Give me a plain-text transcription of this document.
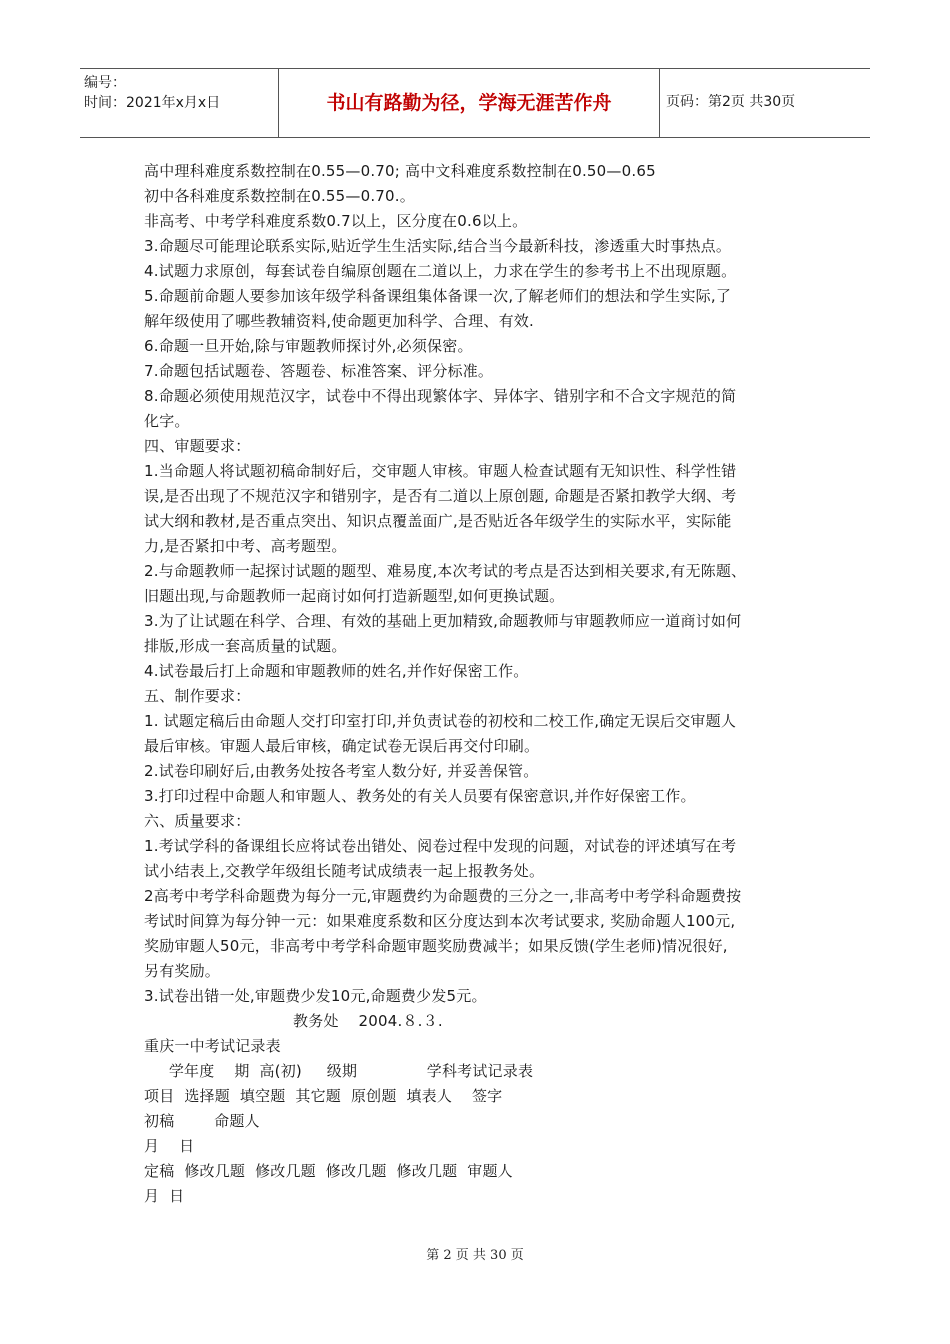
编号：
时间：2021年x月x日	书山有路勤为径，学海无涯苦作舟	页码：第2页 共30页
高中理科难度系数控制在0.55—0.70; 高中文科难度系数控制在0.50—0.65
初中各科难度系数控制在0.55—0.70.。
非高考、中考学科难度系数0.7以上，区分度在0.6以上。
3.命题尽可能理论联系实际,贴近学生生活实际,结合当今最新科技，渗透重大时事热点。
4.试题力求原创，每套试卷自编原创题在二道以上，力求在学生的参考书上不出现原题。
5.命题前命题人要参加该年级学科备课组集体备课一次,了解老师们的想法和学生实际,了
解年级使用了哪些教辅资料,使命题更加科学、合理、有效.
6.命题一旦开始,除与审题教师探讨外,必须保密。
7.命题包括试题卷、答题卷、标准答案、评分标准。
8.命题必须使用规范汉字，试卷中不得出现繁体字、异体字、错别字和不合文字规范的简
化字。
四、审题要求：
1.当命题人将试题初稿命制好后，交审题人审核。审题人检查试题有无知识性、科学性错
误,是否出现了不规范汉字和错别字，是否有二道以上原创题, 命题是否紧扣教学大纲、考
试大纲和教材,是否重点突出、知识点覆盖面广,是否贴近各年级学生的实际水平，实际能
力,是否紧扣中考、高考题型。
2.与命题教师一起探讨试题的题型、难易度,本次考试的考点是否达到相关要求,有无陈题、
旧题出现,与命题教师一起商讨如何打造新题型,如何更换试题。
3.为了让试题在科学、合理、有效的基础上更加精致,命题教师与审题教师应一道商讨如何
排版,形成一套高质量的试题。
4.试卷最后打上命题和审题教师的姓名,并作好保密工作。
五、制作要求：
1. 试题定稿后由命题人交打印室打印,并负责试卷的初校和二校工作,确定无误后交审题人
最后审核。审题人最后审核，确定试卷无误后再交付印刷。
2.试卷印刷好后,由教务处按各考室人数分好, 并妥善保管。
3.打印过程中命题人和审题人、教务处的有关人员要有保密意识,并作好保密工作。
六、质量要求：
1.考试学科的备课组长应将试卷出错处、阅卷过程中发现的问题，对试卷的评述填写在考
试小结表上,交教学年级组长随考试成绩表一起上报教务处。
2高考中考学科命题费为每分一元,审题费约为命题费的三分之一,非高考中考学科命题费按
考试时间算为每分钟一元：如果难度系数和区分度达到本次考试要求, 奖励命题人100元,
奖励审题人50元，非高考中考学科命题审题奖励费减半；如果反馈(学生老师)情况很好,
另有奖励。
3.试卷出错一处,审题费少发10元,命题费少发5元。
教务处    2004.８.３.
重庆一中考试记录表
学年度    期  高(初)     级期              学科考试记录表
项目  选择题  填空题  其它题  原创题  填表人    签字
初稿        命题人
月    日
定稿  修改几题  修改几题  修改几题  修改几题  审题人
月  日
第 2 页 共 30 页
